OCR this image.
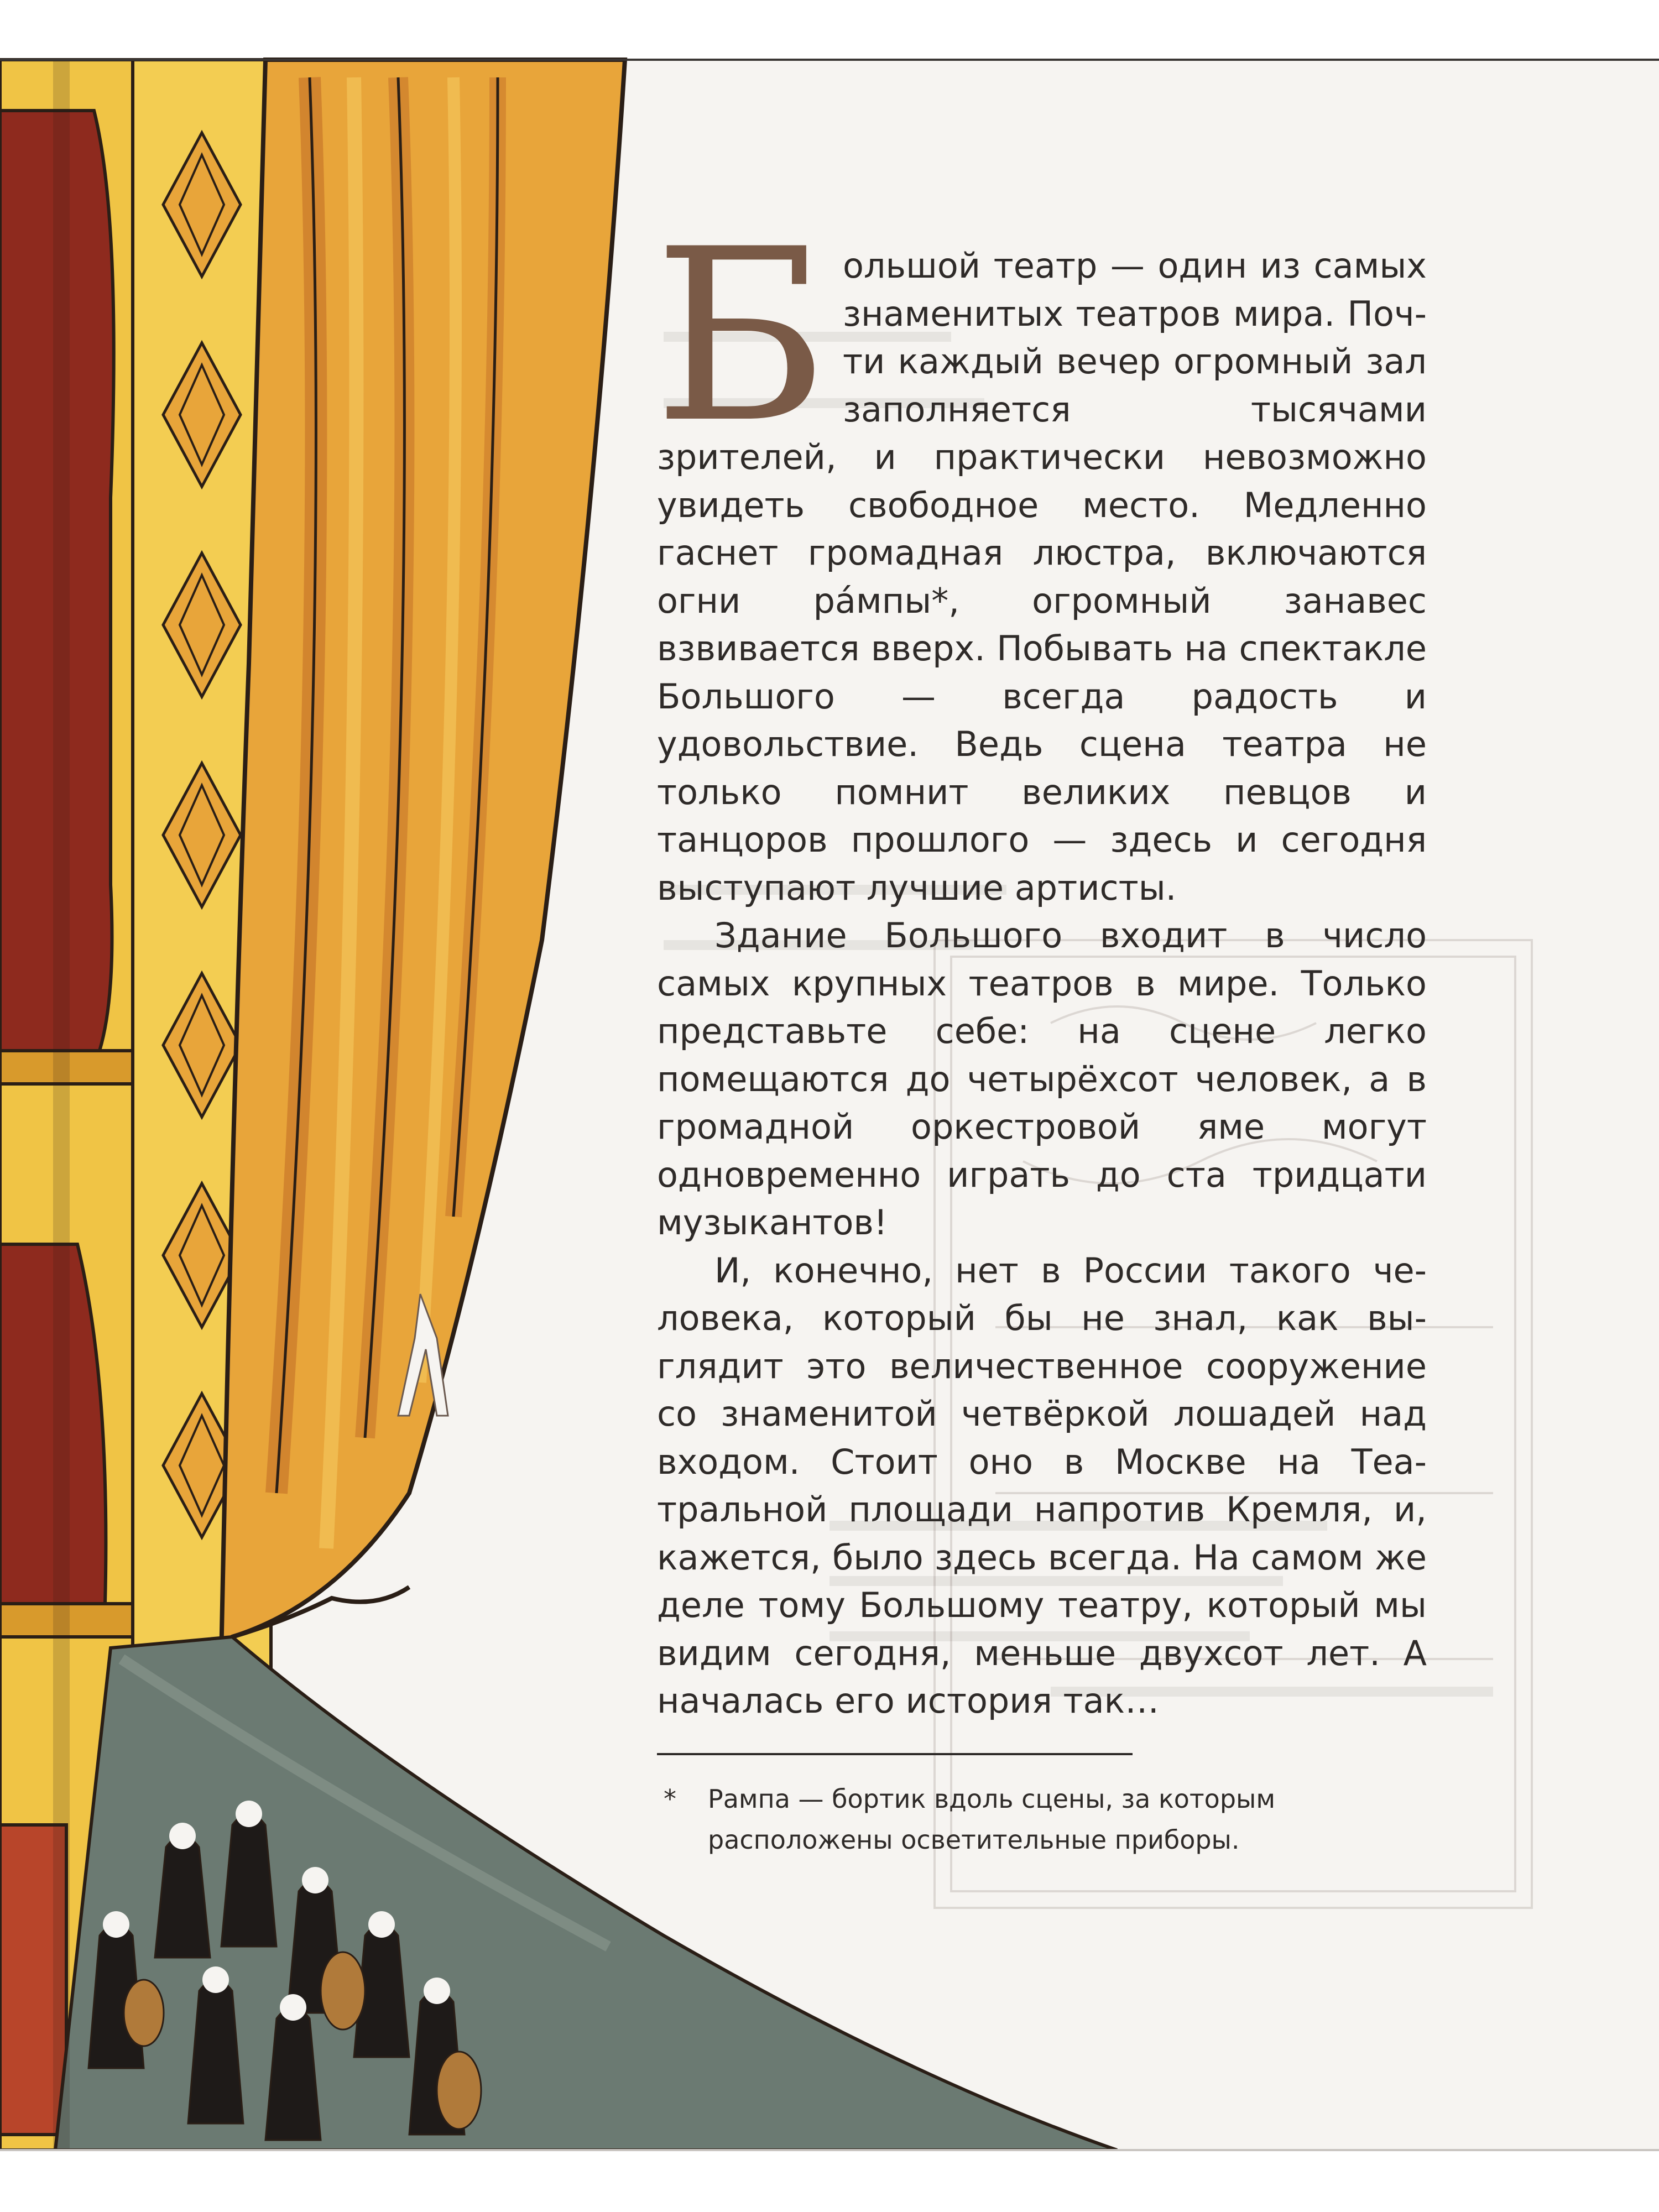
Большой театр — один из самых знаменитых театров мира. Почти каждый вечер огромный зал заполняется тысячами зрителей, и практически невозможно увидеть свободное место. Медленно гаснет громадная люстра, включаются огни ра́мпы*, огромный занавес взвивается вверх. Побывать на спектакле Большого — всегда радость и удовольствие. Ведь сцена театра не только помнит великих певцов и танцоров прошлого — здесь и сегодня выступают лучшие артисты.

Здание Большого входит в число самых крупных театров в мире. Только представьте себе: на сцене легко помещаются до четырёхсот человек, а в громадной оркестровой яме могут одновременно играть до ста тридцати музыкантов!

И, конечно, нет в России такого человека, который бы не знал, как выглядит это величественное сооружение со знаменитой четвёркой лошадей над входом. Стоит оно в Москве на Театральной площади напротив Кремля, и, кажется, было здесь всегда. На самом же деле тому Большому театру, который мы видим сегодня, меньше двухсот лет. А началась его история так…

* Рампа — бортик вдоль сцены, за которым
расположены осветительные приборы.
